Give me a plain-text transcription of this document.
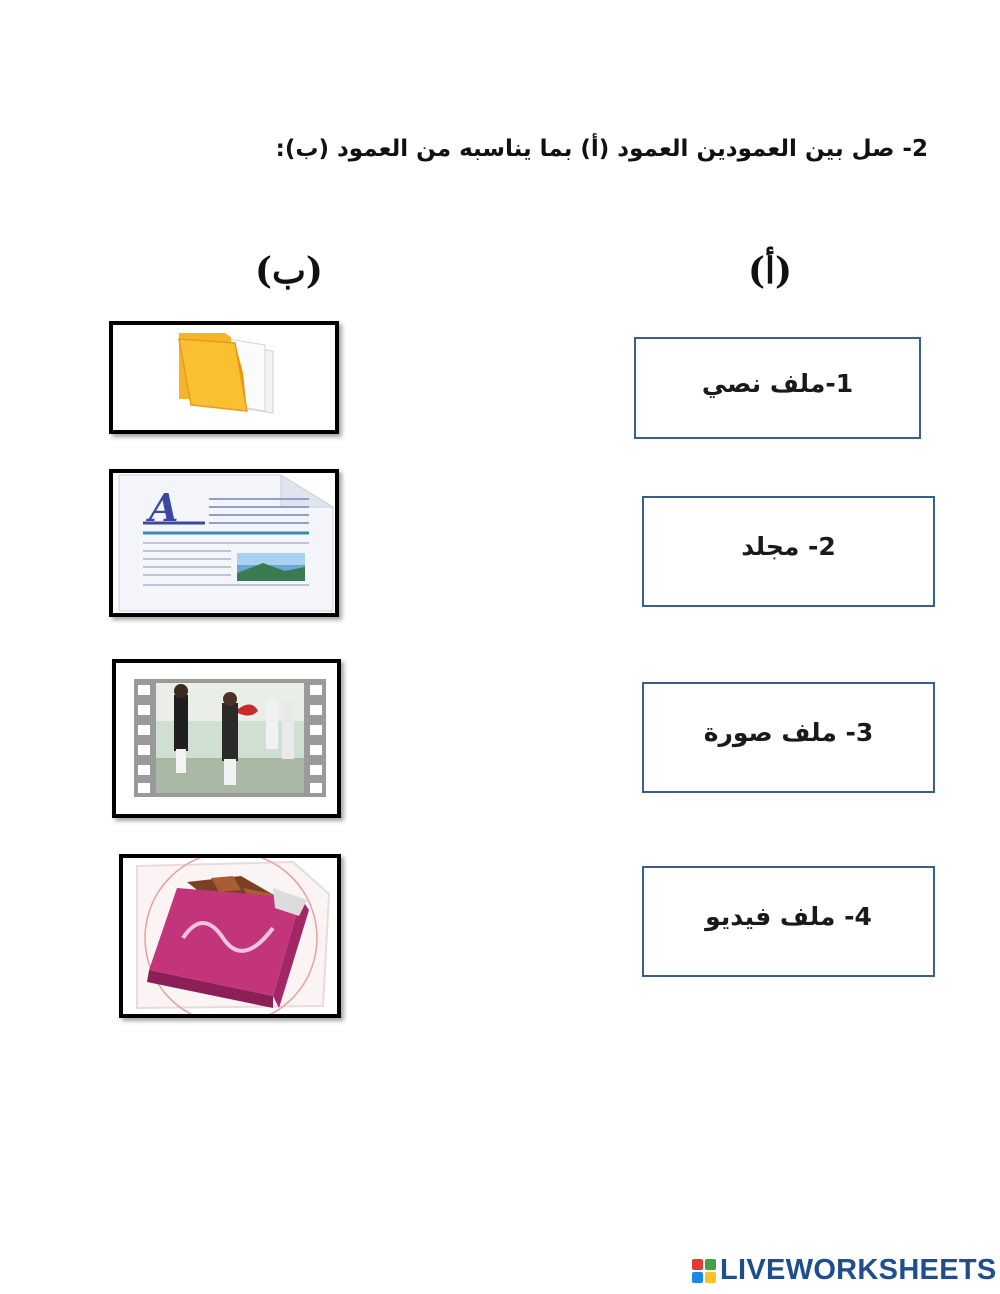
2- صل بين العمودين العمود (أ) بما يناسبه من العمود (ب):
(ب)	(أ)
1-ملف نصي
2- مجلد
3- ملف صورة
4- ملف فيديو
A
LIVEWORKSHEETS
